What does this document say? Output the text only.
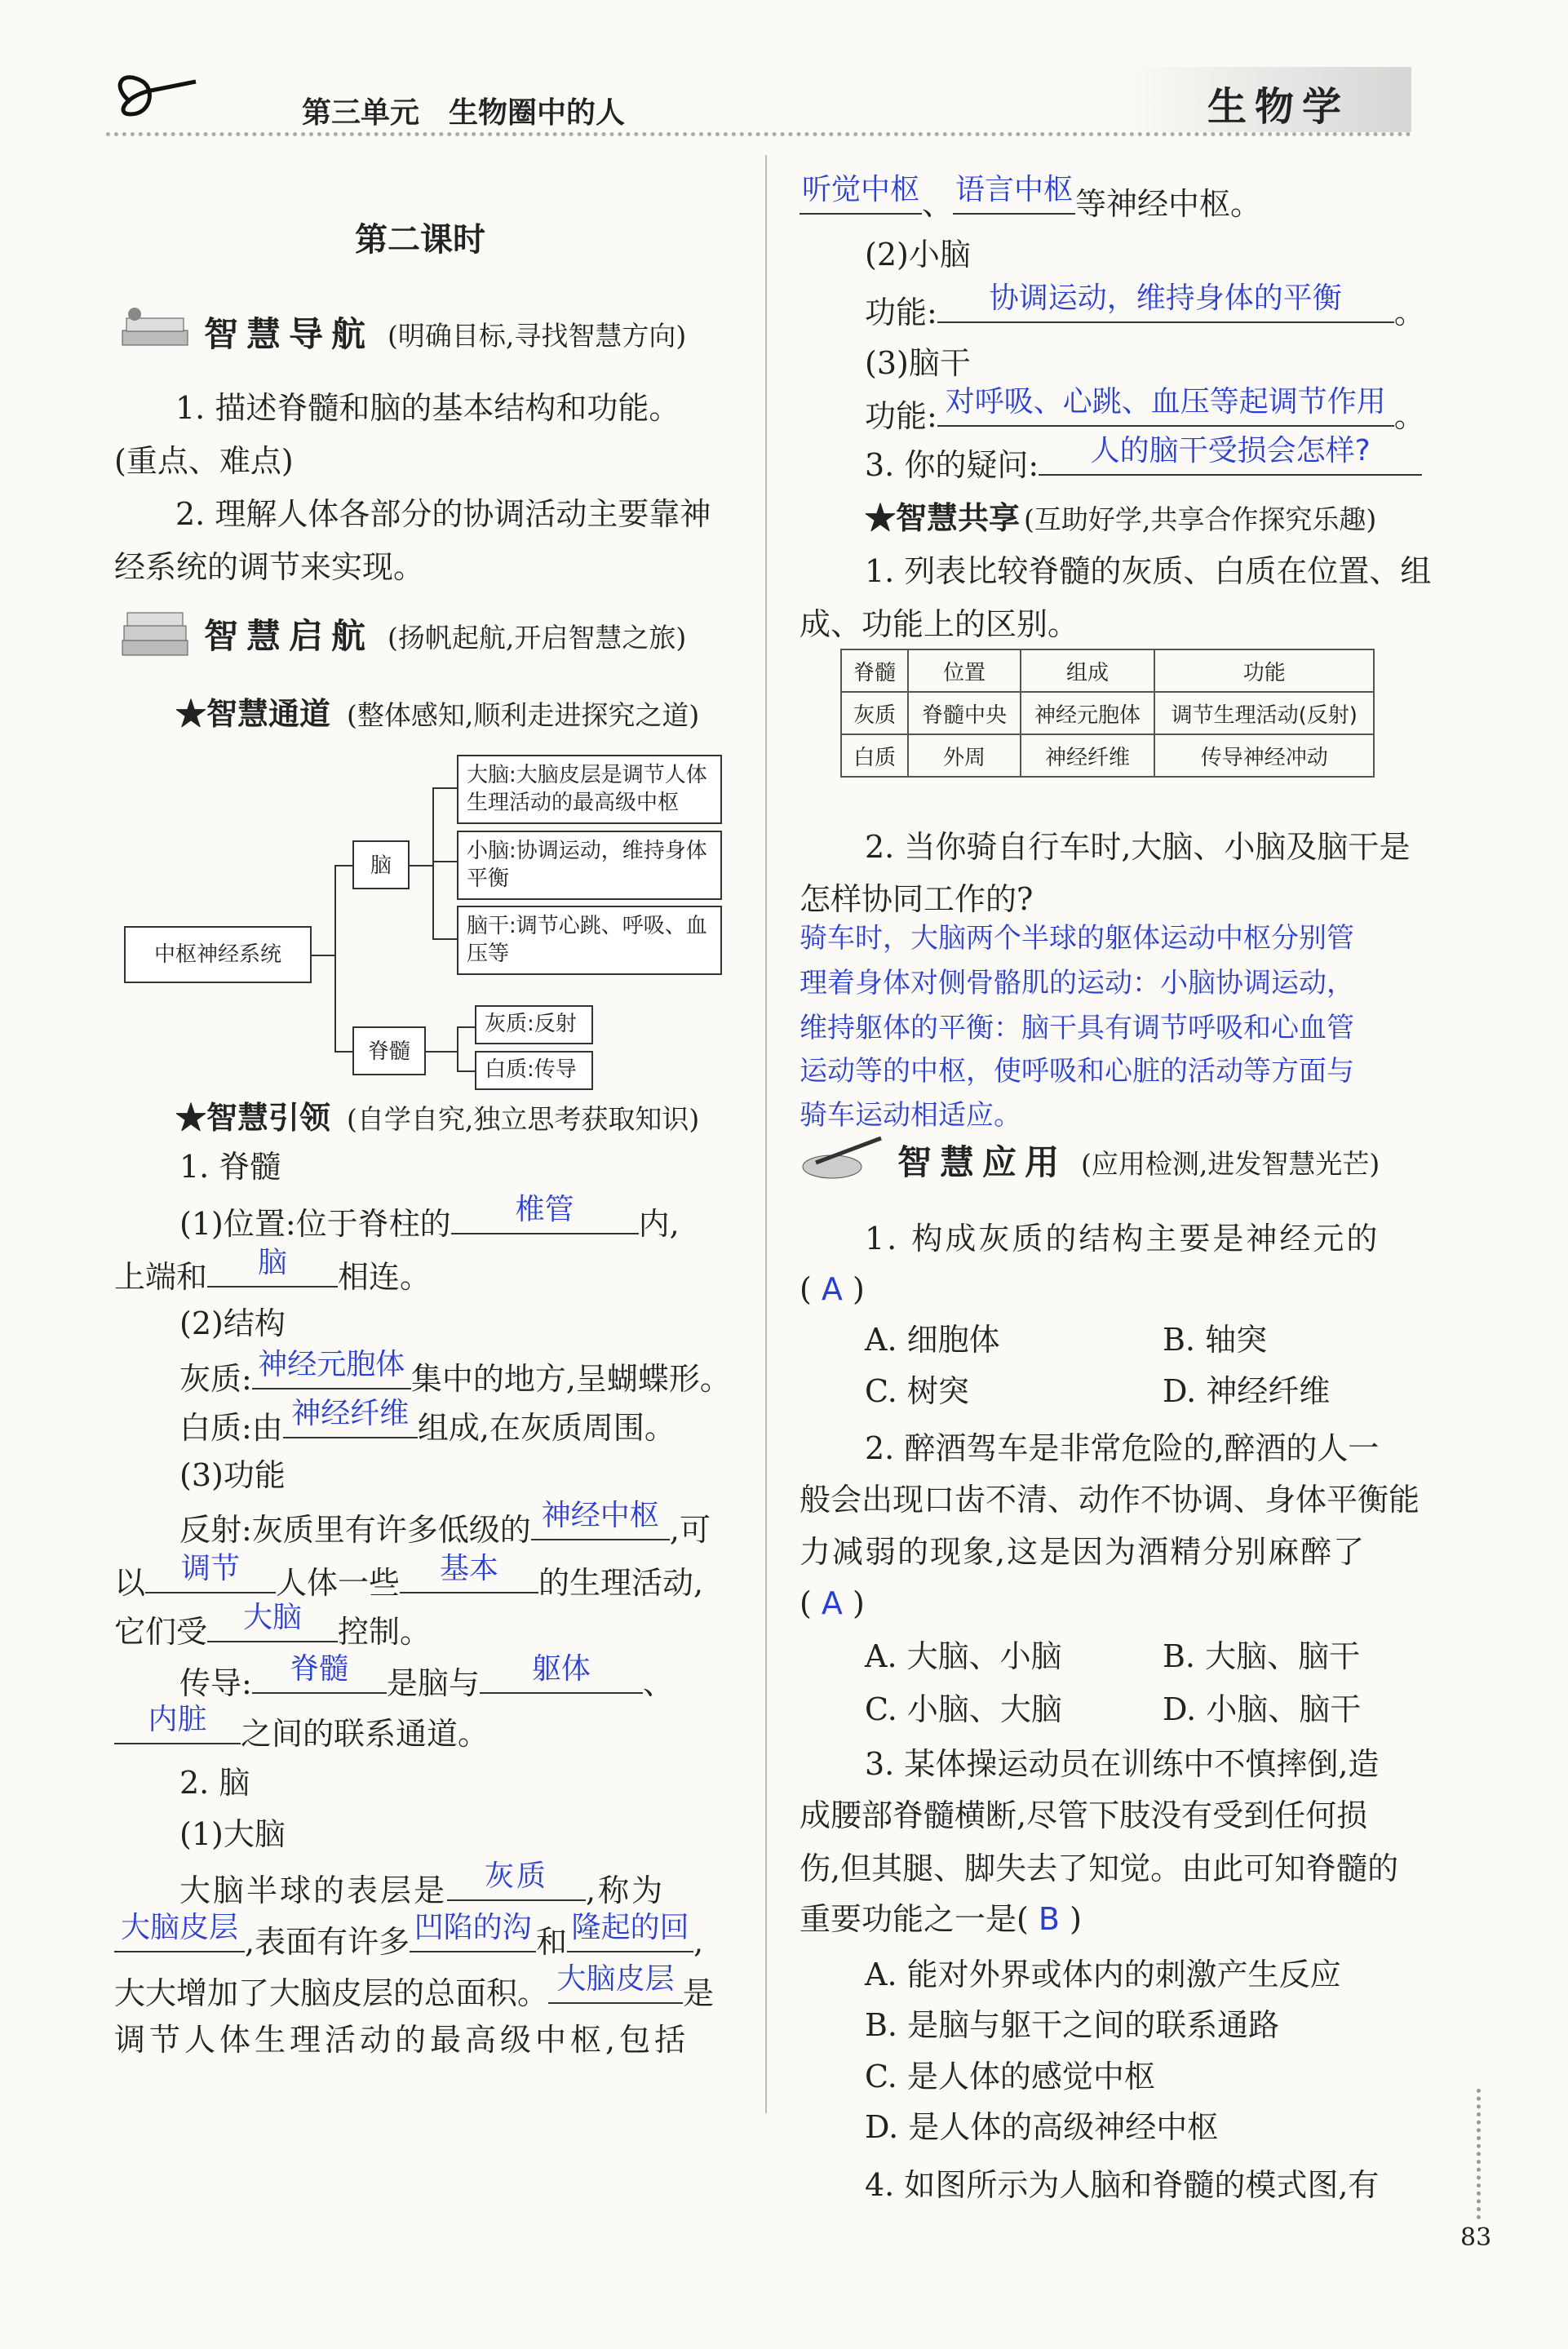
第三单元　生物圈中的人	生物学
第二课时
智慧导航 (明确目标,寻找智慧方向)
1. 描述脊髓和脑的基本结构和功能。
(重点、难点)
2. 理解人体各部分的协调活动主要靠神
经系统的调节来实现。
智慧启航 (扬帆起航,开启智慧之旅)
★智慧通道 (整体感知,顺利走进探究之道)
中枢神经系统
脑
脊髓
大脑:大脑皮层是调节人体生理活动的最高级中枢
小脑:协调运动，维持身体平衡
脑干:调节心跳、呼吸、血压等
灰质:反射
白质:传导
★智慧引领 (自学自究,独立思考获取知识)
1. 脊髓
(1)位置:位于脊柱的	椎管	内,
上端和	脑	相连。
(2)结构
灰质: 神经元胞体 集中的地方,呈蝴蝶形。
白质:由 神经纤维 组成,在灰质周围。
(3)功能
反射:灰质里有许多低级的 神经中枢 ,可
以	调节	人体一些	基本	的生理活动,
它们受	大脑	控制。
传导:	脊髓	是脑与	躯体	、
内脏	之间的联系通道。
2. 脑
(1)大脑
大脑半球的表层是	灰质	,称为
大脑皮层 ,表面有许多 凹陷的沟 和 隆起的回 ,
大大增加了大脑皮层的总面积。 大脑皮层 是
调节人体生理活动的最高级中枢,包括
听觉中枢 、 语言中枢 等神经中枢。
(2)小脑
功能:	协调运动，维持身体的平衡	。
(3)脑干
功能: 对呼吸、心跳、血压等起调节作用 。
3. 你的疑问:	人的脑干受损会怎样?
★智慧共享 (互助好学,共享合作探究乐趣)
1. 列表比较脊髓的灰质、白质在位置、组
成、功能上的区别。
脊髓	位置	组成	功能
灰质	脊髓中央	神经元胞体	调节生理活动(反射)
白质	外周	神经纤维	传导神经冲动
2. 当你骑自行车时,大脑、小脑及脑干是
怎样协同工作的?
骑车时，大脑两个半球的躯体运动中枢分别管
理着身体对侧骨骼肌的运动：小脑协调运动，
维持躯体的平衡：脑干具有调节呼吸和心血管
运动等的中枢，使呼吸和心脏的活动等方面与
骑车运动相适应。
智慧应用 (应用检测,进发智慧光芒)
1. 构成灰质的结构主要是神经元的
( A )
A. 细胞体	B. 轴突
C. 树突	D. 神经纤维
2. 醉酒驾车是非常危险的,醉酒的人一
般会出现口齿不清、动作不协调、身体平衡能
力减弱的现象,这是因为酒精分别麻醉了
( A )
A. 大脑、小脑	B. 大脑、脑干
C. 小脑、大脑	D. 小脑、脑干
3. 某体操运动员在训练中不慎摔倒,造
成腰部脊髓横断,尽管下肢没有受到任何损
伤,但其腿、脚失去了知觉。由此可知脊髓的
重要功能之一是( B )
A. 能对外界或体内的刺激产生反应
B. 是脑与躯干之间的联系通路
C. 是人体的感觉中枢
D. 是人体的高级神经中枢
4. 如图所示为人脑和脊髓的模式图,有
83
